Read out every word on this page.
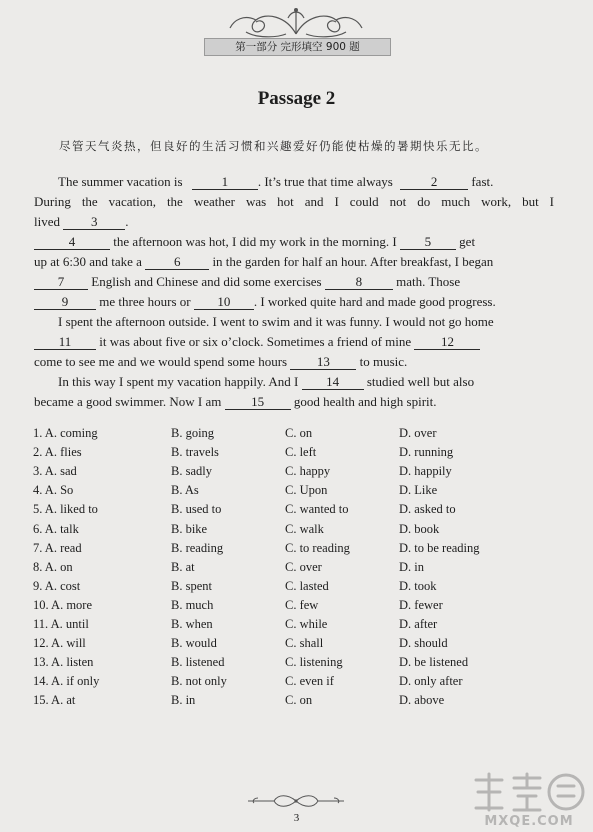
第一部分 完形填空 900 题
Passage 2
尽管天气炎热，但良好的生活习惯和兴趣爱好仍能使枯燥的暑期快乐无比。
The summer vacation is	1 . It’s true that time always	2	fast.
During the vacation, the weather was hot and I could not do much work, but I
lived 3 .
4	the afternoon was hot, I did my work in the morning. I 5 get
up at 6:30 and take a 6 in the garden for half an hour. After breakfast, I began
7 English and Chinese and did some exercises	8	math. Those
9 me three hours or 10 . I worked quite hard and made good progress.
I spent the afternoon outside. I went to swim and it was funny. I would not go home
11 it was about five or six o’clock. Sometimes a friend of mine 12
come to see me and we would spend some hours 13 to music.
In this way I spent my vacation happily. And I 14 studied well but also
became a good swimmer. Now I am 15 good health and high spirit.
1. A. coming	B. going	C. on	D. over
2. A. flies	B. travels	C. left	D. running
3. A. sad	B. sadly	C. happy	D. happily
4. A. So	B. As	C. Upon	D. Like
5. A. liked to	B. used to	C. wanted to	D. asked to
6. A. talk	B. bike	C. walk	D. book
7. A. read	B. reading	C. to reading	D. to be reading
8. A. on	B. at	C. over	D. in
9. A. cost	B. spent	C. lasted	D. took
10. A. more	B. much	C. few	D. fewer
11. A. until	B. when	C. while	D. after
12. A. will	B. would	C. shall	D. should
13. A. listen	B. listened	C. listening	D. be listened
14. A. if only	B. not only	C. even if	D. only after
15. A. at	B. in	C. on	D. above
3	MXQE.COM
